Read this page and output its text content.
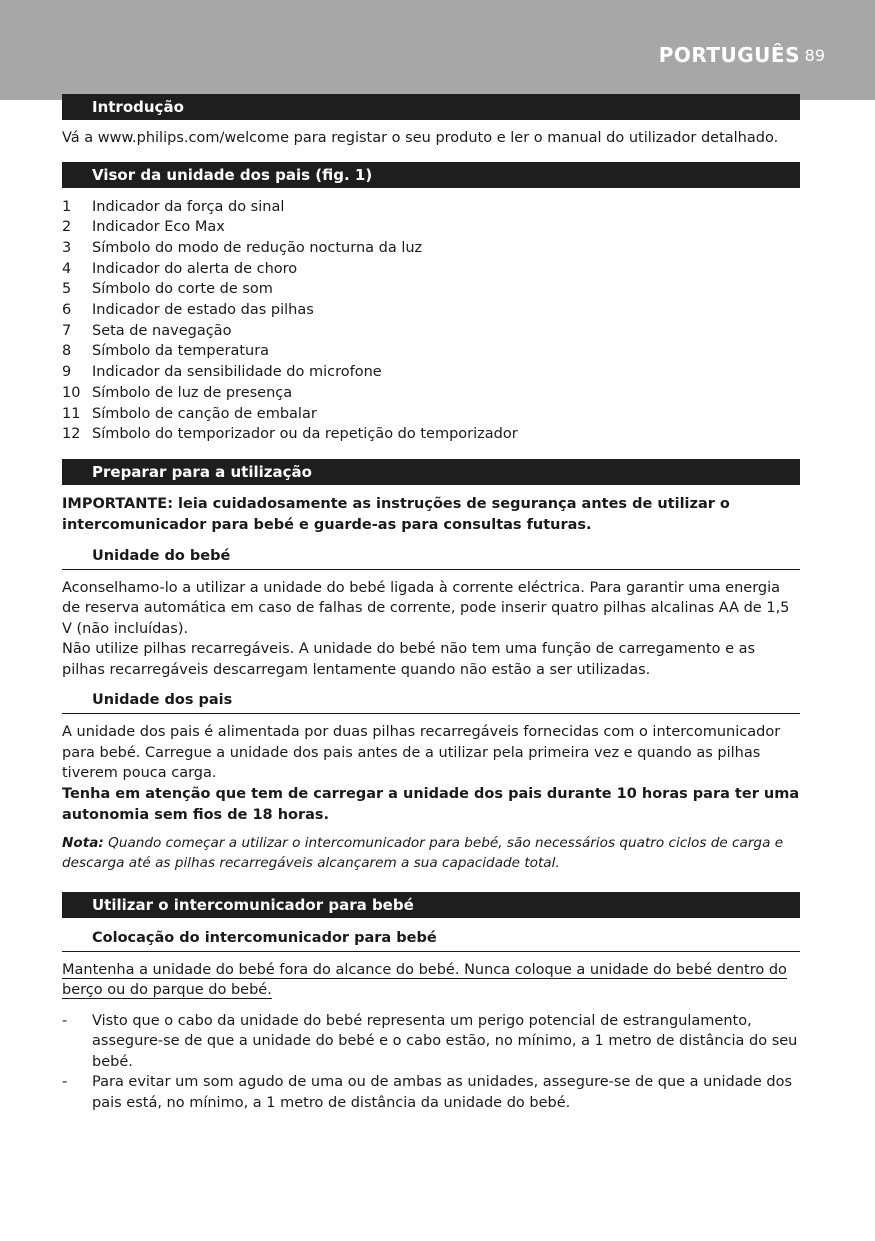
PORTUGUÊS 89
Introdução

Vá a www.philips.com/welcome para registar o seu produto e ler o manual do utilizador detalhado.

Visor da unidade dos pais (fig. 1)
1	Indicador da força do sinal
2	Indicador Eco Max
3	Símbolo do modo de redução nocturna da luz
4	Indicador do alerta de choro
5	Símbolo do corte de som
6	Indicador de estado das pilhas
7	Seta de navegação
8	Símbolo da temperatura
9	Indicador da sensibilidade do microfone
10 Símbolo de luz de presença
11 Símbolo de canção de embalar
12 Símbolo do temporizador ou da repetição do temporizador
Preparar para a utilização

IMPORTANTE: leia cuidadosamente as instruções de segurança antes de utilizar o intercomunicador para bebé e guarde-as para consultas futuras.

Unidade do bebé

Aconselhamo-lo a utilizar a unidade do bebé ligada à corrente eléctrica. Para garantir uma energia de reserva automática em caso de falhas de corrente, pode inserir quatro pilhas alcalinas AA de 1,5 V (não incluídas).

Não utilize pilhas recarregáveis. A unidade do bebé não tem uma função de carregamento e as pilhas recarregáveis descarregam lentamente quando não estão a ser utilizadas.

Unidade dos pais

A unidade dos pais é alimentada por duas pilhas recarregáveis fornecidas com o intercomunicador para bebé. Carregue a unidade dos pais antes de a utilizar pela primeira vez e quando as pilhas tiverem pouca carga.

Tenha em atenção que tem de carregar a unidade dos pais durante 10 horas para ter uma autonomia sem fios de 18 horas.

Nota: Quando começar a utilizar o intercomunicador para bebé, são necessários quatro ciclos de carga e descarga até as pilhas recarregáveis alcançarem a sua capacidade total.

Utilizar o intercomunicador para bebé
Colocação do intercomunicador para bebé

Mantenha a unidade do bebé fora do alcance do bebé. Nunca coloque a unidade do bebé dentro do berço ou do parque do bebé.

-	Visto que o cabo da unidade do bebé representa um perigo potencial de estrangulamento, assegure-se de que a unidade do bebé e o cabo estão, no mínimo, a 1 metro de distância do seu bebé.
-	Para evitar um som agudo de uma ou de ambas as unidades, assegure-se de que a unidade dos pais está, no mínimo, a 1 metro de distância da unidade do bebé.
